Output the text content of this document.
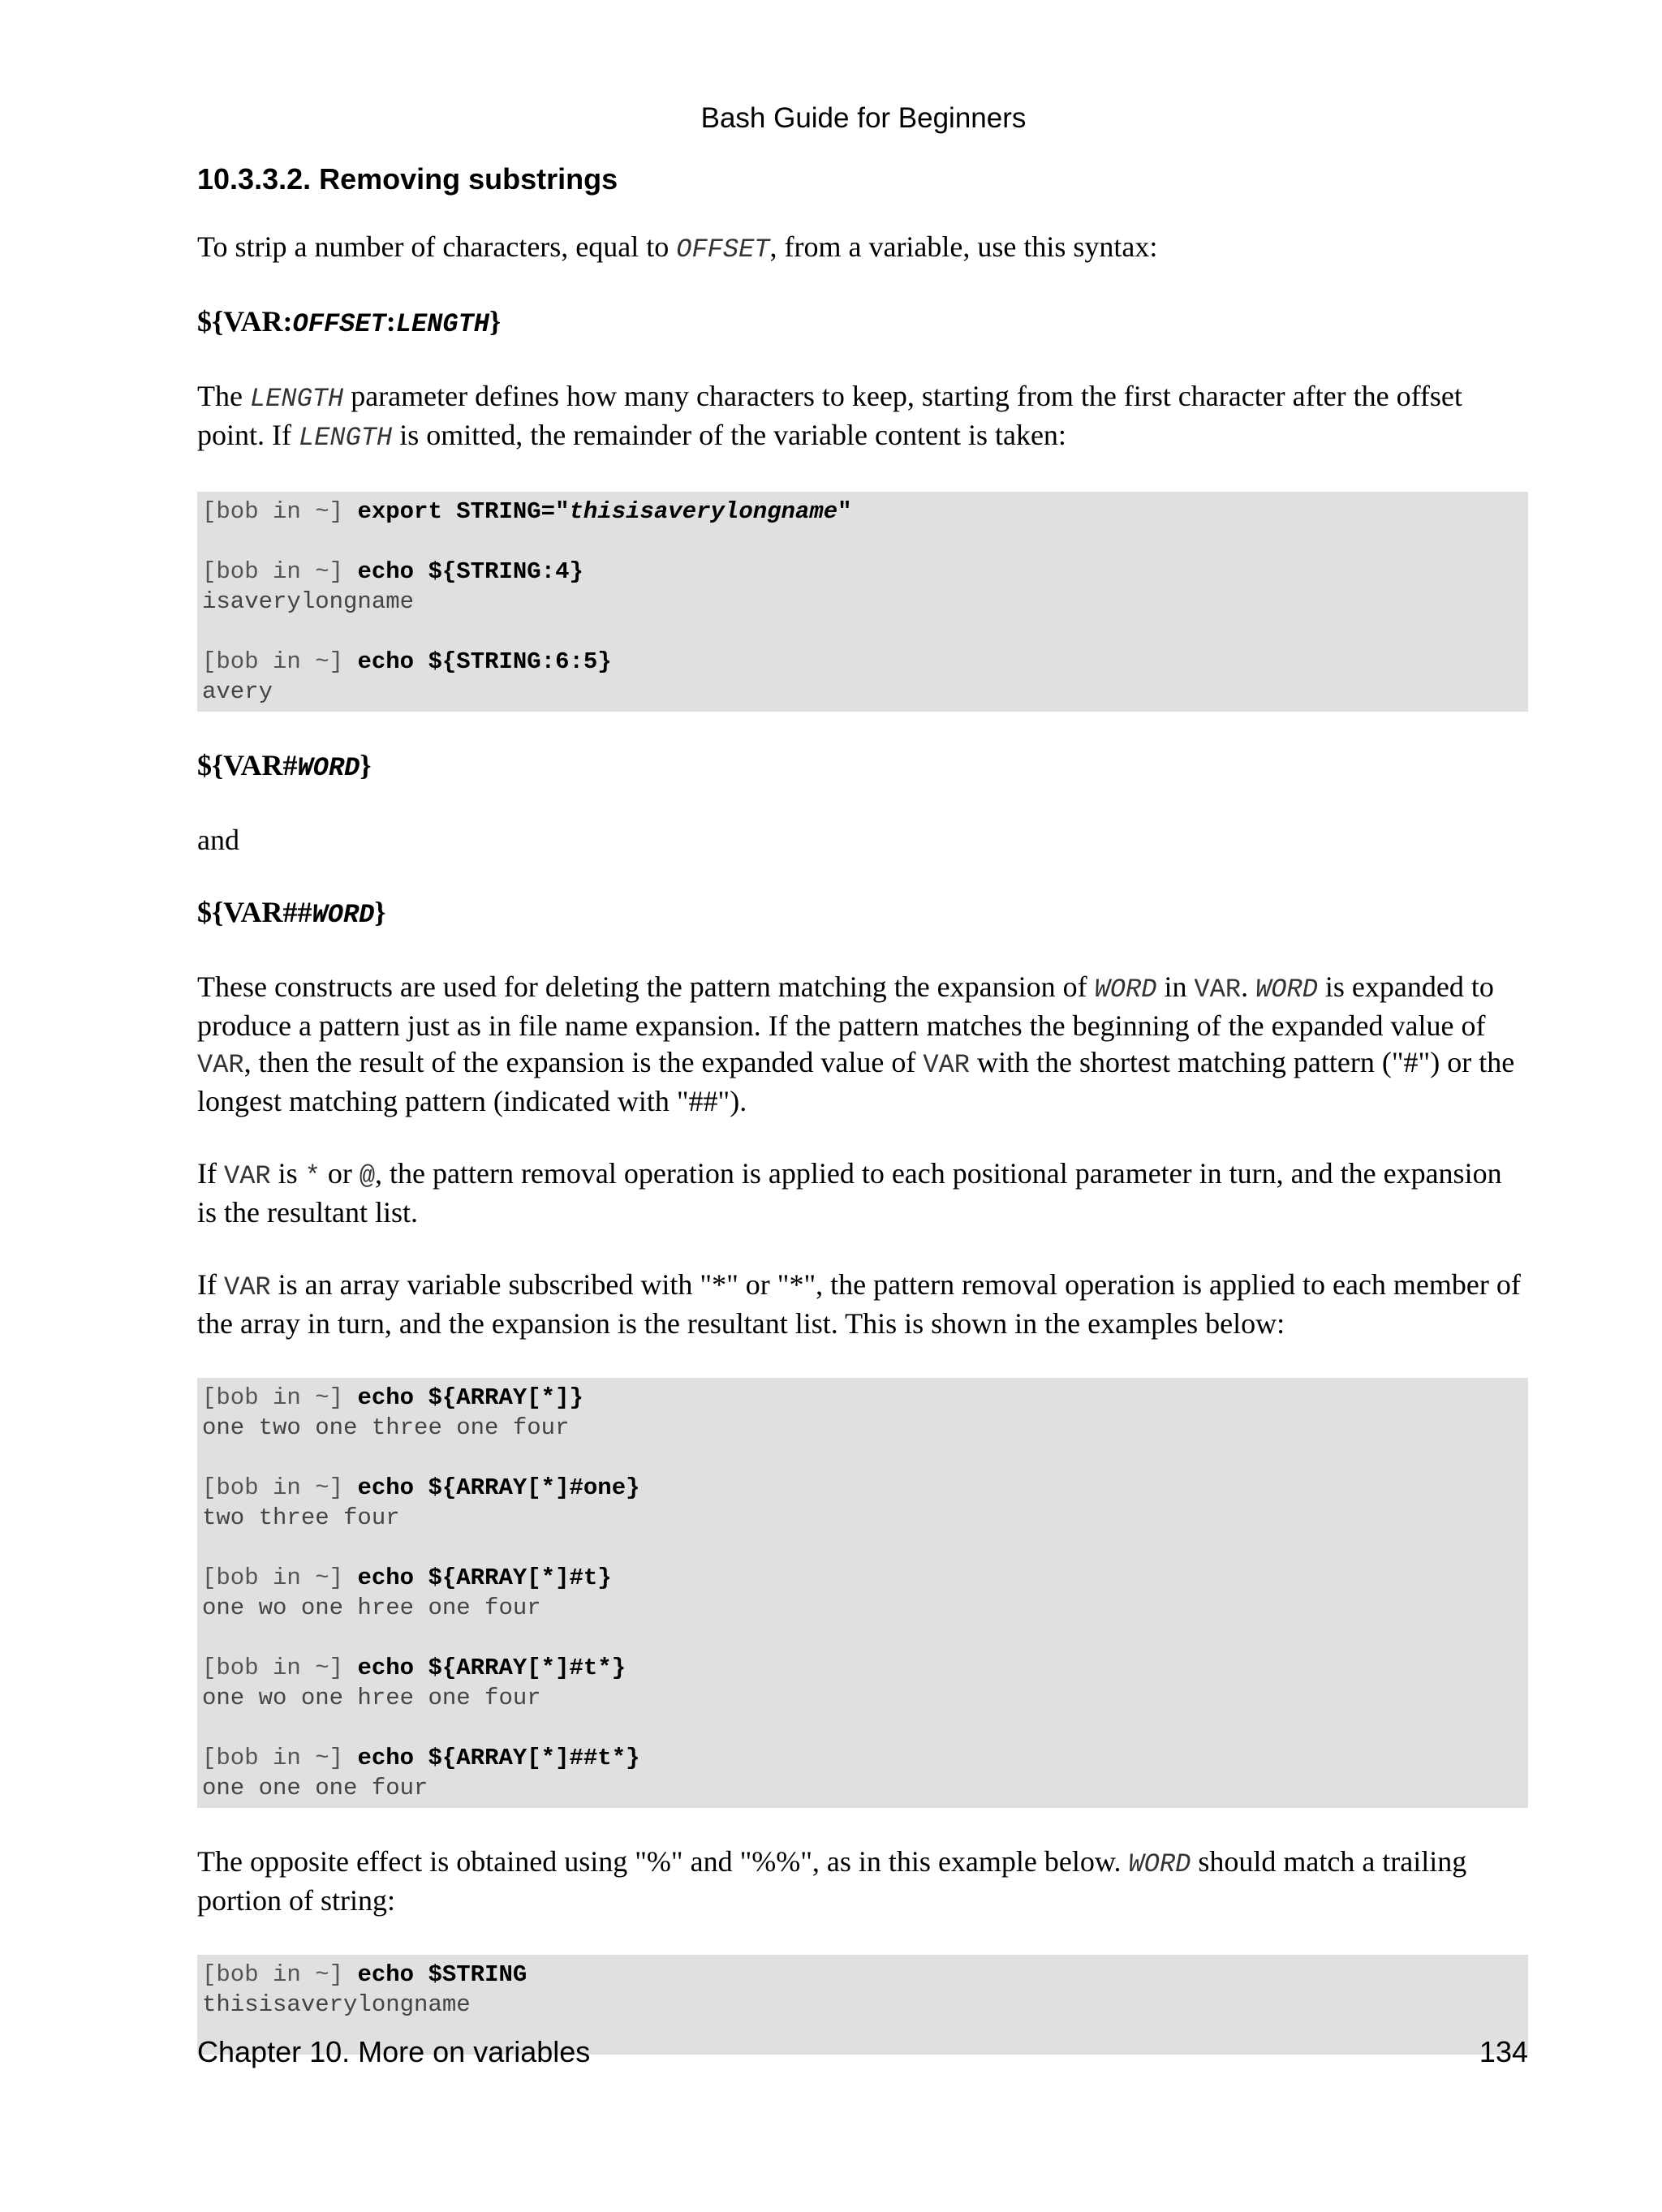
Bash Guide for Beginners
10.3.3.2. Removing substrings

To strip a number of characters, equal to OFFSET, from a variable, use this syntax:

${VAR:OFFSET:LENGTH}

The LENGTH parameter defines how many characters to keep, starting from the first character after the offset point. If LENGTH is omitted, the remainder of the variable content is taken:

[bob in ~] export STRING="thisisaverylongname"
[bob in ~] echo ${STRING:4}
isaverylongname
[bob in ~] echo ${STRING:6:5}
avery

${VAR#WORD}

and

${VAR##WORD}

These constructs are used for deleting the pattern matching the expansion of WORD in VAR. WORD is expanded to produce a pattern just as in file name expansion. If the pattern matches the beginning of the expanded value of VAR, then the result of the expansion is the expanded value of VAR with the shortest matching pattern ("#") or the longest matching pattern (indicated with "##").

If VAR is * or @, the pattern removal operation is applied to each positional parameter in turn, and the expansion is the resultant list.

If VAR is an array variable subscribed with "*" or "*", the pattern removal operation is applied to each member of the array in turn, and the expansion is the resultant list. This is shown in the examples below:

[bob in ~] echo ${ARRAY[*]}
one two one three one four
[bob in ~] echo ${ARRAY[*]#one}
two three four
[bob in ~] echo ${ARRAY[*]#t}
one wo one hree one four
[bob in ~] echo ${ARRAY[*]#t*}
one wo one hree one four
[bob in ~] echo ${ARRAY[*]##t*}
one one one four

The opposite effect is obtained using "%" and "%%", as in this example below. WORD should match a trailing portion of string:

[bob in ~] echo $STRING
thisisaverylongname
Chapter 10. More on variables	134
